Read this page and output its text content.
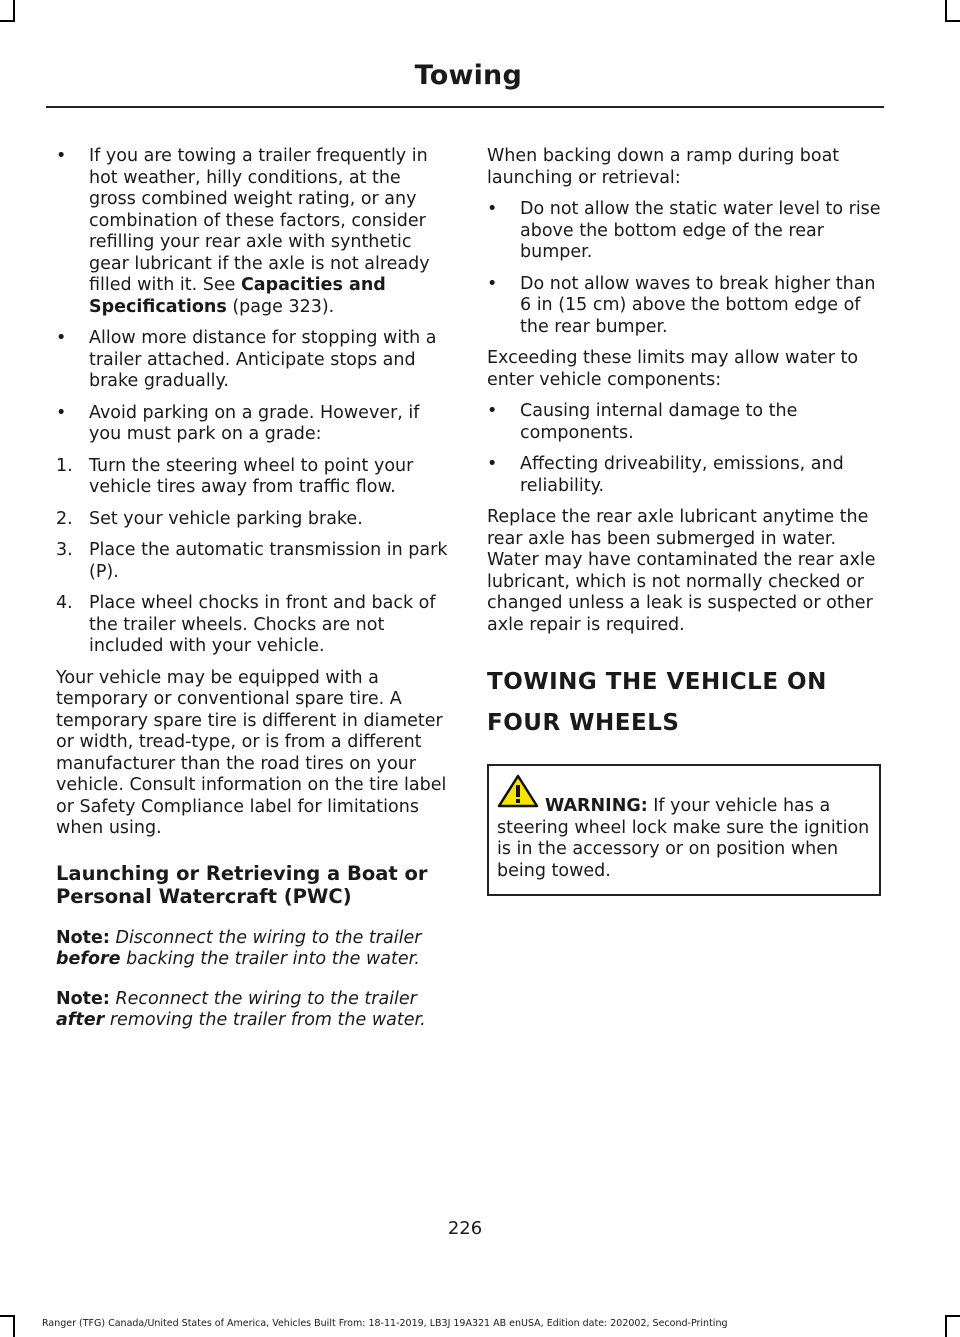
Towing
• If you are towing a trailer frequently in hot weather, hilly conditions, at the gross combined weight rating, or any combination of these factors, consider refilling your rear axle with synthetic gear lubricant if the axle is not already filled with it. See Capacities and Specifications (page 323).
• Allow more distance for stopping with a trailer attached. Anticipate stops and brake gradually.
• Avoid parking on a grade. However, if you must park on a grade:
1. Turn the steering wheel to point your vehicle tires away from traffic flow.
2. Set your vehicle parking brake.
3. Place the automatic transmission in park (P).
4. Place wheel chocks in front and back of the trailer wheels. Chocks are not included with your vehicle.

Your vehicle may be equipped with a temporary or conventional spare tire. A temporary spare tire is different in diameter or width, tread-type, or is from a different manufacturer than the road tires on your vehicle. Consult information on the tire label or Safety Compliance label for limitations when using.

Launching or Retrieving a Boat or Personal Watercraft (PWC)

Note: Disconnect the wiring to the trailer before backing the trailer into the water.

Note: Reconnect the wiring to the trailer after removing the trailer from the water.

When backing down a ramp during boat launching or retrieval:

• Do not allow the static water level to rise above the bottom edge of the rear bumper.
• Do not allow waves to break higher than 6 in (15 cm) above the bottom edge of the rear bumper.

Exceeding these limits may allow water to enter vehicle components:

• Causing internal damage to the components.
• Affecting driveability, emissions, and reliability.

Replace the rear axle lubricant anytime the rear axle has been submerged in water. Water may have contaminated the rear axle lubricant, which is not normally checked or changed unless a leak is suspected or other axle repair is required.

TOWING THE VEHICLE ON
FOUR WHEELS
WARNING: If your vehicle has a steering wheel lock make sure the ignition is in the accessory or on position when being towed.
226
Ranger (TFG) Canada/United States of America, Vehicles Built From: 18-11-2019, LB3J 19A321 AB enUSA, Edition date: 202002, Second-Printing
